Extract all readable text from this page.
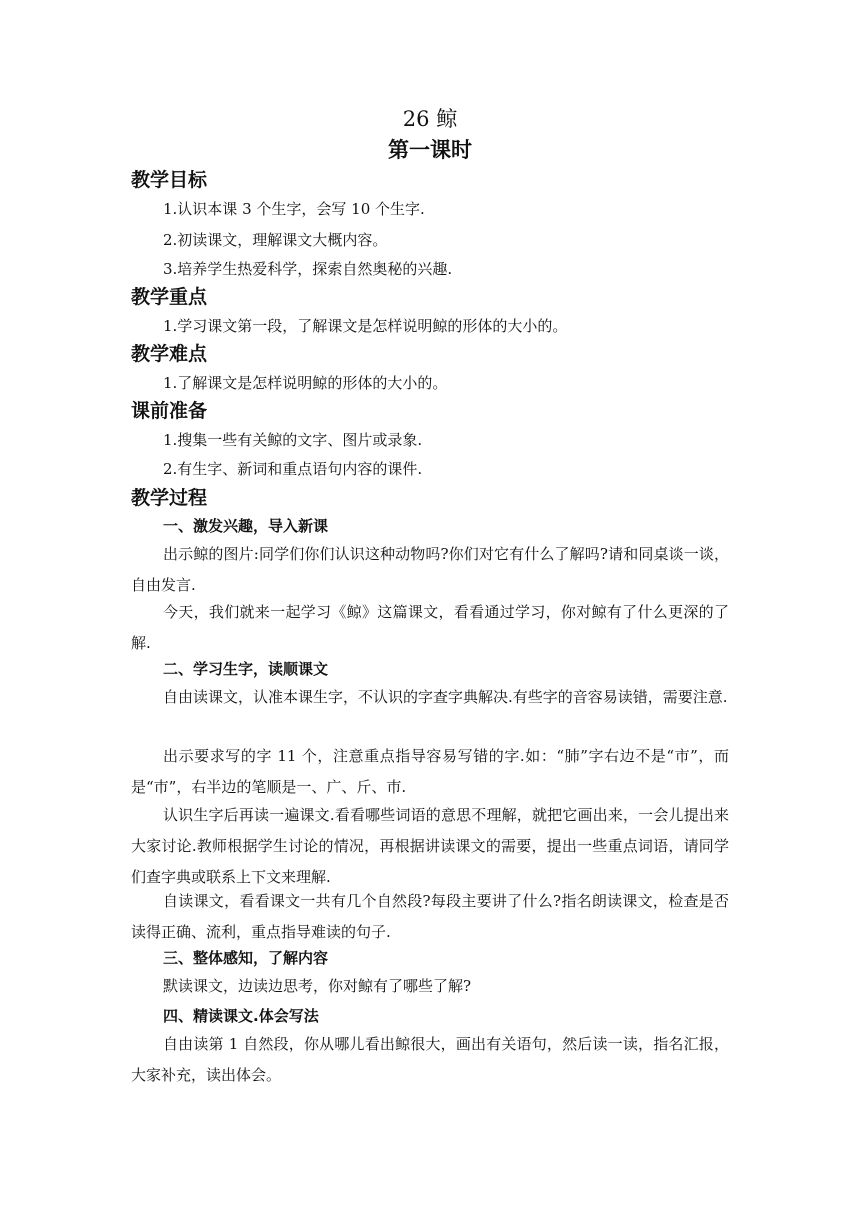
26 鲸
第一课时
教学目标
1.认识本课 3 个生字，会写 10 个生字.
2.初读课文，理解课文大概内容。
3.培养学生热爱科学，探索自然奥秘的兴趣.
教学重点
1.学习课文第一段，了解课文是怎样说明鲸的形体的大小的。
教学难点
1.了解课文是怎样说明鲸的形体的大小的。
课前准备
1.搜集一些有关鲸的文字、图片或录象.
2.有生字、新词和重点语句内容的课件.
教学过程
一、激发兴趣，导入新课
出示鲸的图片:同学们你们认识这种动物吗?你们对它有什么了解吗?请和同桌谈一谈，自由发言.
今天，我们就来一起学习《鲸》这篇课文，看看通过学习，你对鲸有了什么更深的了解.
二、学习生字，读顺课文
自由读课文，认准本课生字，不认识的字查字典解决.有些字的音容易读错，需要注意.
出示要求写的字 11 个，注意重点指导容易写错的字.如：“肺”字右边不是“市”，而是“巿”，右半边的笔顺是一、广、斤、巿.
认识生字后再读一遍课文.看看哪些词语的意思不理解，就把它画出来，一会儿提出来大家讨论.教师根据学生讨论的情况，再根据讲读课文的需要，提出一些重点词语，请同学们查字典或联系上下文来理解.
自读课文，看看课文一共有几个自然段?每段主要讲了什么?指名朗读课文，检查是否读得正确、流利，重点指导难读的句子.
三、整体感知，了解内容
默读课文，边读边思考，你对鲸有了哪些了解?
四、精读课文.体会写法
自由读第 1 自然段，你从哪儿看出鲸很大，画出有关语句，然后读一读，指名汇报，大家补充，读出体会。
